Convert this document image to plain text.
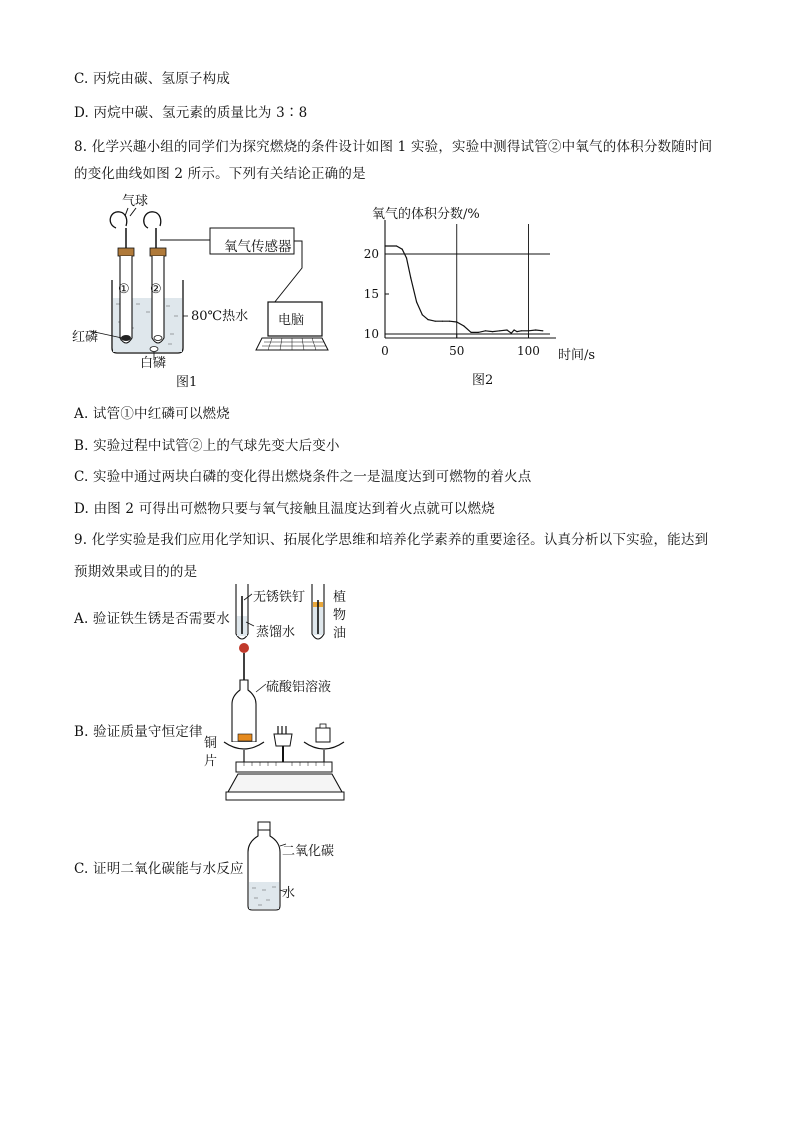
C. 丙烷由碳、氢原子构成
D. 丙烷中碳、氢元素的质量比为 3∶8
8. 化学兴趣小组的同学们为探究燃烧的条件设计如图 1 实验，实验中测得试管②中氧气的体积分数随时间
的变化曲线如图 2 所示。下列有关结论正确的是
① ②
气球
氧气传感器
80℃热水
红磷
电脑
白磷
图1
氧气的体积分数/%
10
15
20
0	50	100 时间/s
图2
A. 试管①中红磷可以燃烧
B. 实验过程中试管②上的气球先变大后变小
C. 实验中通过两块白磷的变化得出燃烧条件之一是温度达到可燃物的着火点
D. 由图 2 可得出可燃物只要与氧气接触且温度达到着火点就可以燃烧
9. 化学实验是我们应用化学知识、拓展化学思维和培养化学素养的重要途径。认真分析以下实验，能达到
预期效果或目的的是
A. 验证铁生锈是否需要水
无锈铁钉
蒸馏水
植
物
油
B. 验证质量守恒定律
硫酸铝溶液
铜
片
C. 证明二氧化碳能与水反应
二氧化碳
水
